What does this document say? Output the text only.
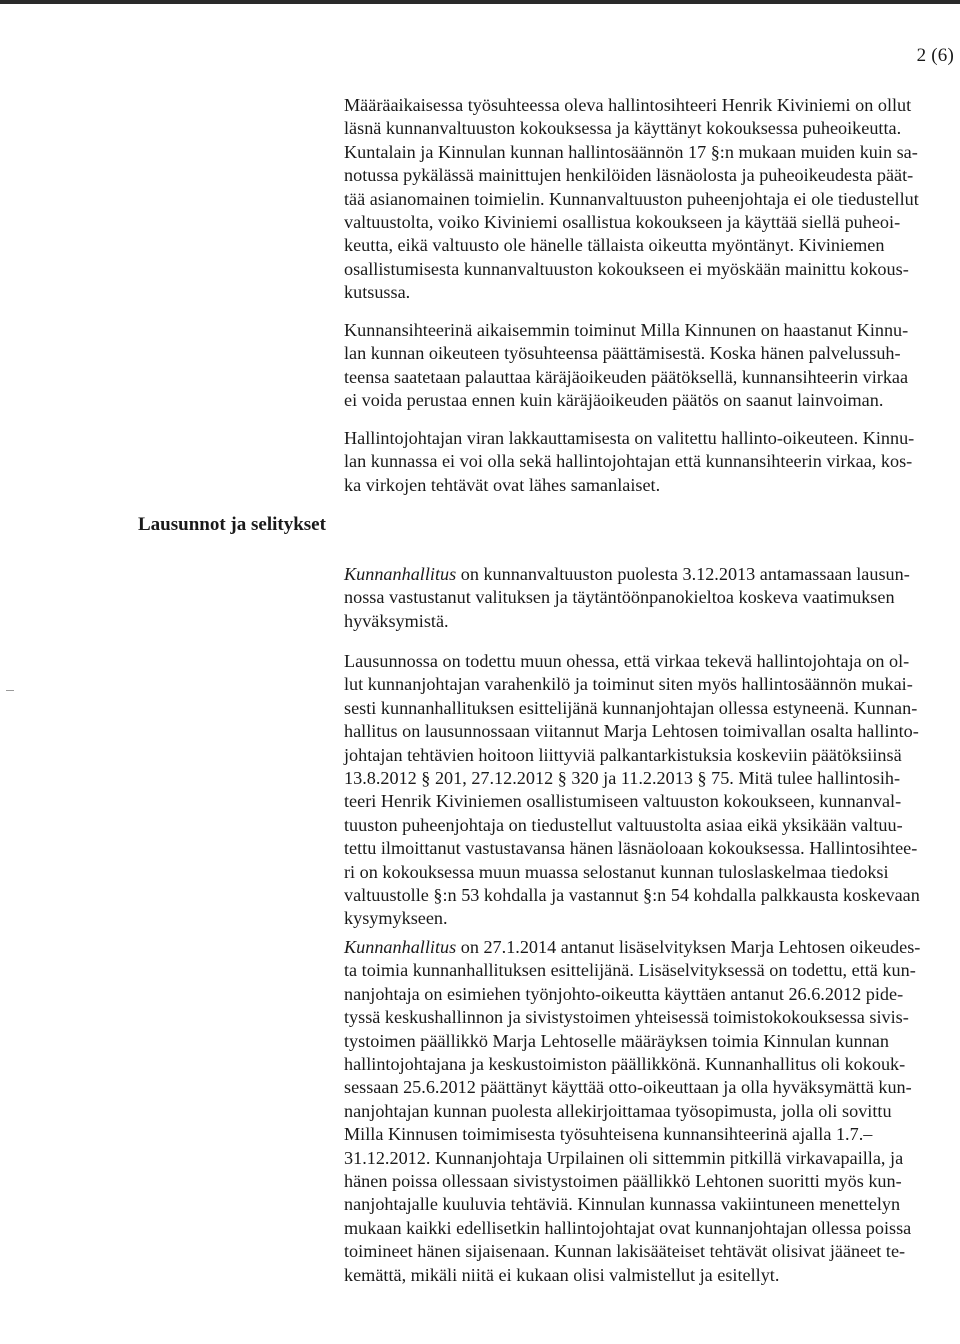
2 (6)
Lausunnot ja selitykset

Määräaikaisessa työsuhteessa oleva hallintosihteeri Henrik Kiviniemi on ollut
läsnä kunnanvaltuuston kokouksessa ja käyttänyt kokouksessa puheoikeutta.
Kuntalain ja Kinnulan kunnan hallintosäännön 17 §:n mukaan muiden kuin sa-
notussa pykälässä mainittujen henkilöiden läsnäolosta ja puheoikeudesta päät-
tää asianomainen toimielin. Kunnanvaltuuston puheenjohtaja ei ole tiedustellut
valtuustolta, voiko Kiviniemi osallistua kokoukseen ja käyttää siellä puheoi-
keutta, eikä valtuusto ole hänelle tällaista oikeutta myöntänyt. Kiviniemen
osallistumisesta kunnanvaltuuston kokoukseen ei myöskään mainittu kokous-
kutsussa.

Kunnansihteerinä aikaisemmin toiminut Milla Kinnunen on haastanut Kinnu-
lan kunnan oikeuteen työsuhteensa päättämisestä. Koska hänen palvelussuh-
teensa saatetaan palauttaa käräjäoikeuden päätöksellä, kunnansihteerin virkaa
ei voida perustaa ennen kuin käräjäoikeuden päätös on saanut lainvoiman.

Hallintojohtajan viran lakkauttamisesta on valitettu hallinto-oikeuteen. Kinnu-
lan kunnassa ei voi olla sekä hallintojohtajan että kunnansihteerin virkaa, kos-
ka virkojen tehtävät ovat lähes samanlaiset.

Kunnanhallitus on kunnanvaltuuston puolesta 3.12.2013 antamassaan lausun-
nossa vastustanut valituksen ja täytäntöönpanokieltoa koskeva vaatimuksen
hyväksymistä.

Lausunnossa on todettu muun ohessa, että virkaa tekevä hallintojohtaja on ol-
lut kunnanjohtajan varahenkilö ja toiminut siten myös hallintosäännön mukai-
sesti kunnanhallituksen esittelijänä kunnanjohtajan ollessa estyneenä. Kunnan-
hallitus on lausunnossaan viitannut Marja Lehtosen toimivallan osalta hallinto-
johtajan tehtävien hoitoon liittyviä palkantarkistuksia koskeviin päätöksiinsä
13.8.2012 § 201, 27.12.2012 § 320 ja 11.2.2013 § 75. Mitä tulee hallintosih-
teeri Henrik Kiviniemen osallistumiseen valtuuston kokoukseen, kunnanval-
tuuston puheenjohtaja on tiedustellut valtuustolta asiaa eikä yksikään valtuu-
tettu ilmoittanut vastustavansa hänen läsnäoloaan kokouksessa. Hallintosihtee-
ri on kokouksessa muun muassa selostanut kunnan tuloslaskelmaa tiedoksi
valtuustolle §:n 53 kohdalla ja vastannut §:n 54 kohdalla palkkausta koskevaan
kysymykseen.

Kunnanhallitus on 27.1.2014 antanut lisäselvityksen Marja Lehtosen oikeudes-
ta toimia kunnanhallituksen esittelijänä. Lisäselvityksessä on todettu, että kun-
nanjohtaja on esimiehen työnjohto-oikeutta käyttäen antanut 26.6.2012 pide-
tyssä keskushallinnon ja sivistystoimen yhteisessä toimistokokouksessa sivis-
tystoimen päällikkö Marja Lehtoselle määräyksen toimia Kinnulan kunnan
hallintojohtajana ja keskustoimiston päällikkönä. Kunnanhallitus oli kokouk-
sessaan 25.6.2012 päättänyt käyttää otto-oikeuttaan ja olla hyväksymättä kun-
nanjohtajan kunnan puolesta allekirjoittamaa työsopimusta, jolla oli sovittu
Milla Kinnusen toimimisesta työsuhteisena kunnansihteerinä ajalla 1.7.–
31.12.2012. Kunnanjohtaja Urpilainen oli sittemmin pitkillä virkavapailla, ja
hänen poissa ollessaan sivistystoimen päällikkö Lehtonen suoritti myös kun-
nanjohtajalle kuuluvia tehtäviä. Kinnulan kunnassa vakiintuneen menettelyn
mukaan kaikki edellisetkin hallintojohtajat ovat kunnanjohtajan ollessa poissa
toimineet hänen sijaisenaan. Kunnan lakisääteiset tehtävät olisivat jääneet te-
kemättä, mikäli niitä ei kukaan olisi valmistellut ja esitellyt.
